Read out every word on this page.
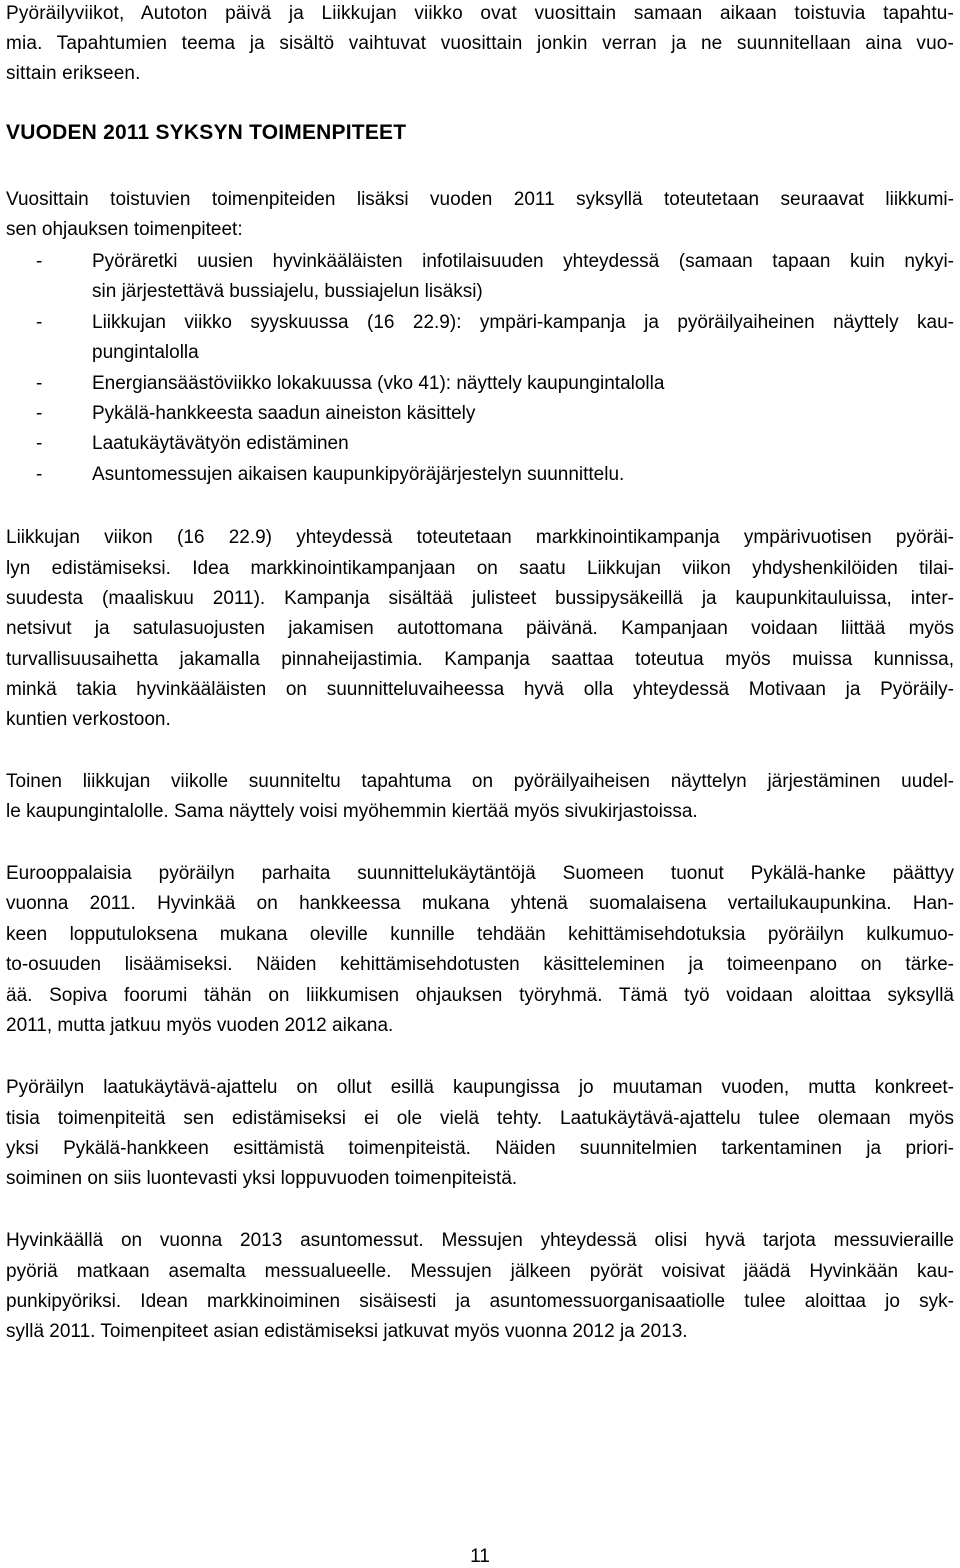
Pyöräilyviikot, Autoton päivä ja Liikkujan viikko ovat vuosittain samaan aikaan toistuvia tapahtu-
mia. Tapahtumien teema ja sisältö vaihtuvat vuosittain jonkin verran ja ne suunnitellaan aina vuo-
sittain erikseen.
VUODEN 2011 SYKSYN TOIMENPITEET
Vuosittain toistuvien toimenpiteiden lisäksi vuoden 2011 syksyllä toteutetaan seuraavat liikkumi-
sen ohjauksen toimenpiteet:
-	Pyöräretki uusien hyvinkääläisten infotilaisuuden yhteydessä (samaan tapaan kuin nykyi-
sin järjestettävä bussiajelu, bussiajelun lisäksi)
-	Liikkujan viikko syyskuussa (16 22.9): ympäri-kampanja ja pyöräilyaiheinen näyttely kau-
pungintalolla
-	Energiansäästöviikko lokakuussa (vko 41): näyttely kaupungintalolla
-	Pykälä-hankkeesta saadun aineiston käsittely
-	Laatukäytävätyön edistäminen
-	Asuntomessujen aikaisen kaupunkipyöräjärjestelyn suunnittelu.
Liikkujan viikon (16 22.9) yhteydessä toteutetaan markkinointikampanja ympärivuotisen pyöräi-
lyn edistämiseksi. Idea markkinointikampanjaan on saatu Liikkujan viikon yhdyshenkilöiden tilai-
suudesta (maaliskuu 2011). Kampanja sisältää julisteet bussipysäkeillä ja kaupunkitauluissa, inter-
netsivut ja satulasuojusten jakamisen autottomana päivänä. Kampanjaan voidaan liittää myös
turvallisuusaihetta jakamalla pinnaheijastimia. Kampanja saattaa toteutua myös muissa kunnissa,
minkä takia hyvinkääläisten on suunnitteluvaiheessa hyvä olla yhteydessä Motivaan ja Pyöräily-
kuntien verkostoon.
Toinen liikkujan viikolle suunniteltu tapahtuma on pyöräilyaiheisen näyttelyn järjestäminen uudel-
le kaupungintalolle. Sama näyttely voisi myöhemmin kiertää myös sivukirjastoissa.
Eurooppalaisia pyöräilyn parhaita suunnittelukäytäntöjä Suomeen tuonut Pykälä-hanke päättyy
vuonna 2011. Hyvinkää on hankkeessa mukana yhtenä suomalaisena vertailukaupunkina. Han-
keen lopputuloksena mukana oleville kunnille tehdään kehittämisehdotuksia pyöräilyn kulkumuo-
to-osuuden lisäämiseksi. Näiden kehittämisehdotusten käsitteleminen ja toimeenpano on tärke-
ää. Sopiva foorumi tähän on liikkumisen ohjauksen työryhmä. Tämä työ voidaan aloittaa syksyllä
2011, mutta jatkuu myös vuoden 2012 aikana.
Pyöräilyn laatukäytävä-ajattelu on ollut esillä kaupungissa jo muutaman vuoden, mutta konkreet-
tisia toimenpiteitä sen edistämiseksi ei ole vielä tehty. Laatukäytävä-ajattelu tulee olemaan myös
yksi Pykälä-hankkeen esittämistä toimenpiteistä. Näiden suunnitelmien tarkentaminen ja priori-
soiminen on siis luontevasti yksi loppuvuoden toimenpiteistä.
Hyvinkäällä on vuonna 2013 asuntomessut. Messujen yhteydessä olisi hyvä tarjota messuvieraille
pyöriä matkaan asemalta messualueelle. Messujen jälkeen pyörät voisivat jäädä Hyvinkään kau-
punkipyöriksi. Idean markkinoiminen sisäisesti ja asuntomessuorganisaatiolle tulee aloittaa jo syk-
syllä 2011. Toimenpiteet asian edistämiseksi jatkuvat myös vuonna 2012 ja 2013.
11
